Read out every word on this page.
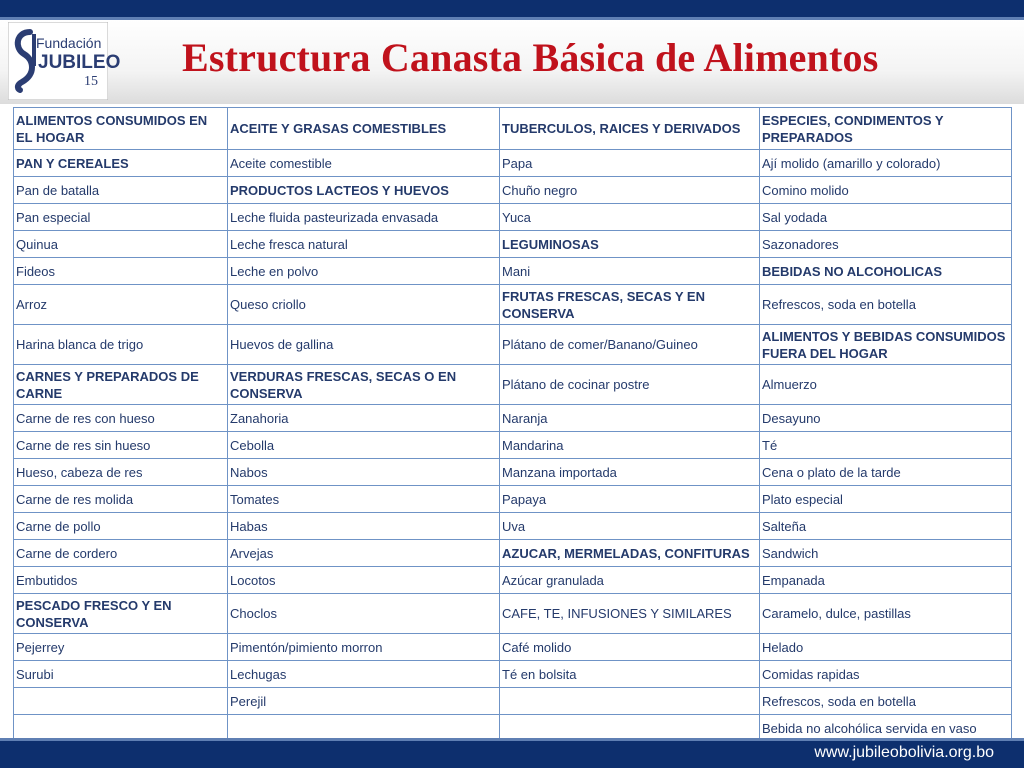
Fundación
JUBILEO
15
Estructura Canasta Básica de Alimentos
ALIMENTOS CONSUMIDOS EN EL HOGAR	ACEITE Y GRASAS COMESTIBLES	TUBERCULOS, RAICES Y DERIVADOS	ESPECIES, CONDIMENTOS Y PREPARADOS
PAN Y CEREALES	Aceite comestible	Papa	Ají molido (amarillo y colorado)
Pan de batalla	PRODUCTOS LACTEOS Y HUEVOS	Chuño negro	Comino molido
Pan especial	Leche fluida pasteurizada envasada	Yuca	Sal yodada
Quinua	Leche fresca natural	LEGUMINOSAS	Sazonadores
Fideos	Leche en polvo	Mani	BEBIDAS NO ALCOHOLICAS
Arroz	Queso criollo	FRUTAS FRESCAS, SECAS Y EN CONSERVA	Refrescos, soda en botella
Harina blanca de trigo	Huevos de gallina	Plátano de comer/Banano/Guineo	ALIMENTOS Y BEBIDAS CONSUMIDOS FUERA DEL HOGAR
CARNES Y PREPARADOS DE CARNE	VERDURAS FRESCAS, SECAS O EN CONSERVA	Plátano de cocinar postre	Almuerzo
Carne de res con hueso	Zanahoria	Naranja	Desayuno
Carne de res sin hueso	Cebolla	Mandarina	Té
Hueso, cabeza de res	Nabos	Manzana importada	Cena o plato de la tarde
Carne de res molida	Tomates	Papaya	Plato especial
Carne de pollo	Habas	Uva	Salteña
Carne de cordero	Arvejas	AZUCAR, MERMELADAS, CONFITURAS	Sandwich
Embutidos	Locotos	Azúcar granulada	Empanada
PESCADO FRESCO Y EN CONSERVA	Choclos	CAFE, TE, INFUSIONES Y SIMILARES	Caramelo, dulce, pastillas
Pejerrey	Pimentón/pimiento morron	Café molido	Helado
Surubi	Lechugas	Té en bolsita	Comidas rapidas
	Perejil		Refrescos, soda en botella
			Bebida no alcohólica servida en vaso
www.jubileobolivia.org.bo
